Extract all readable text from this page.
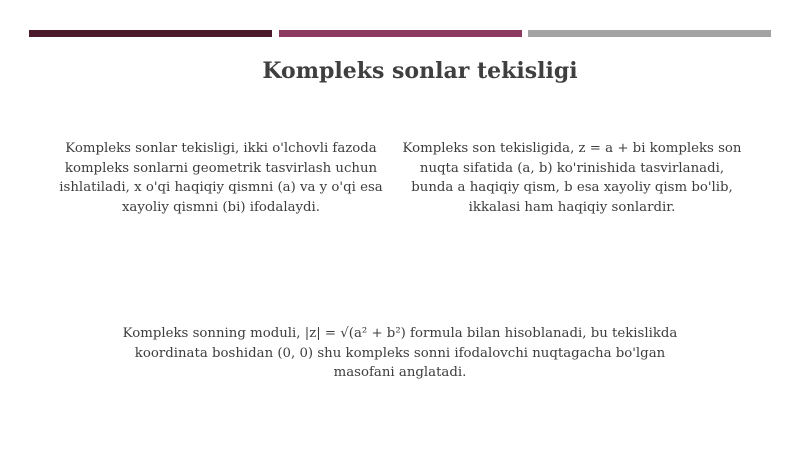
Kompleks sonlar tekisligi
Kompleks sonlar tekisligi, ikki o'lchovli fazoda kompleks sonlarni geometrik tasvirlash uchun ishlatiladi, x o'qi haqiqiy qismni (a) va y o'qi esa xayoliy qismni (bi) ifodalaydi.
Kompleks son tekisligida, z = a + bi kompleks son nuqta sifatida (a, b) ko'rinishida tasvirlanadi, bunda a haqiqiy qism, b esa xayoliy qism bo'lib, ikkalasi ham haqiqiy sonlardir.
Kompleks sonning moduli, |z| = √(a² + b²) formula bilan hisoblanadi, bu tekislikda koordinata boshidan (0, 0) shu kompleks sonni ifodalovchi nuqtagacha bo'lgan masofani anglatadi.
